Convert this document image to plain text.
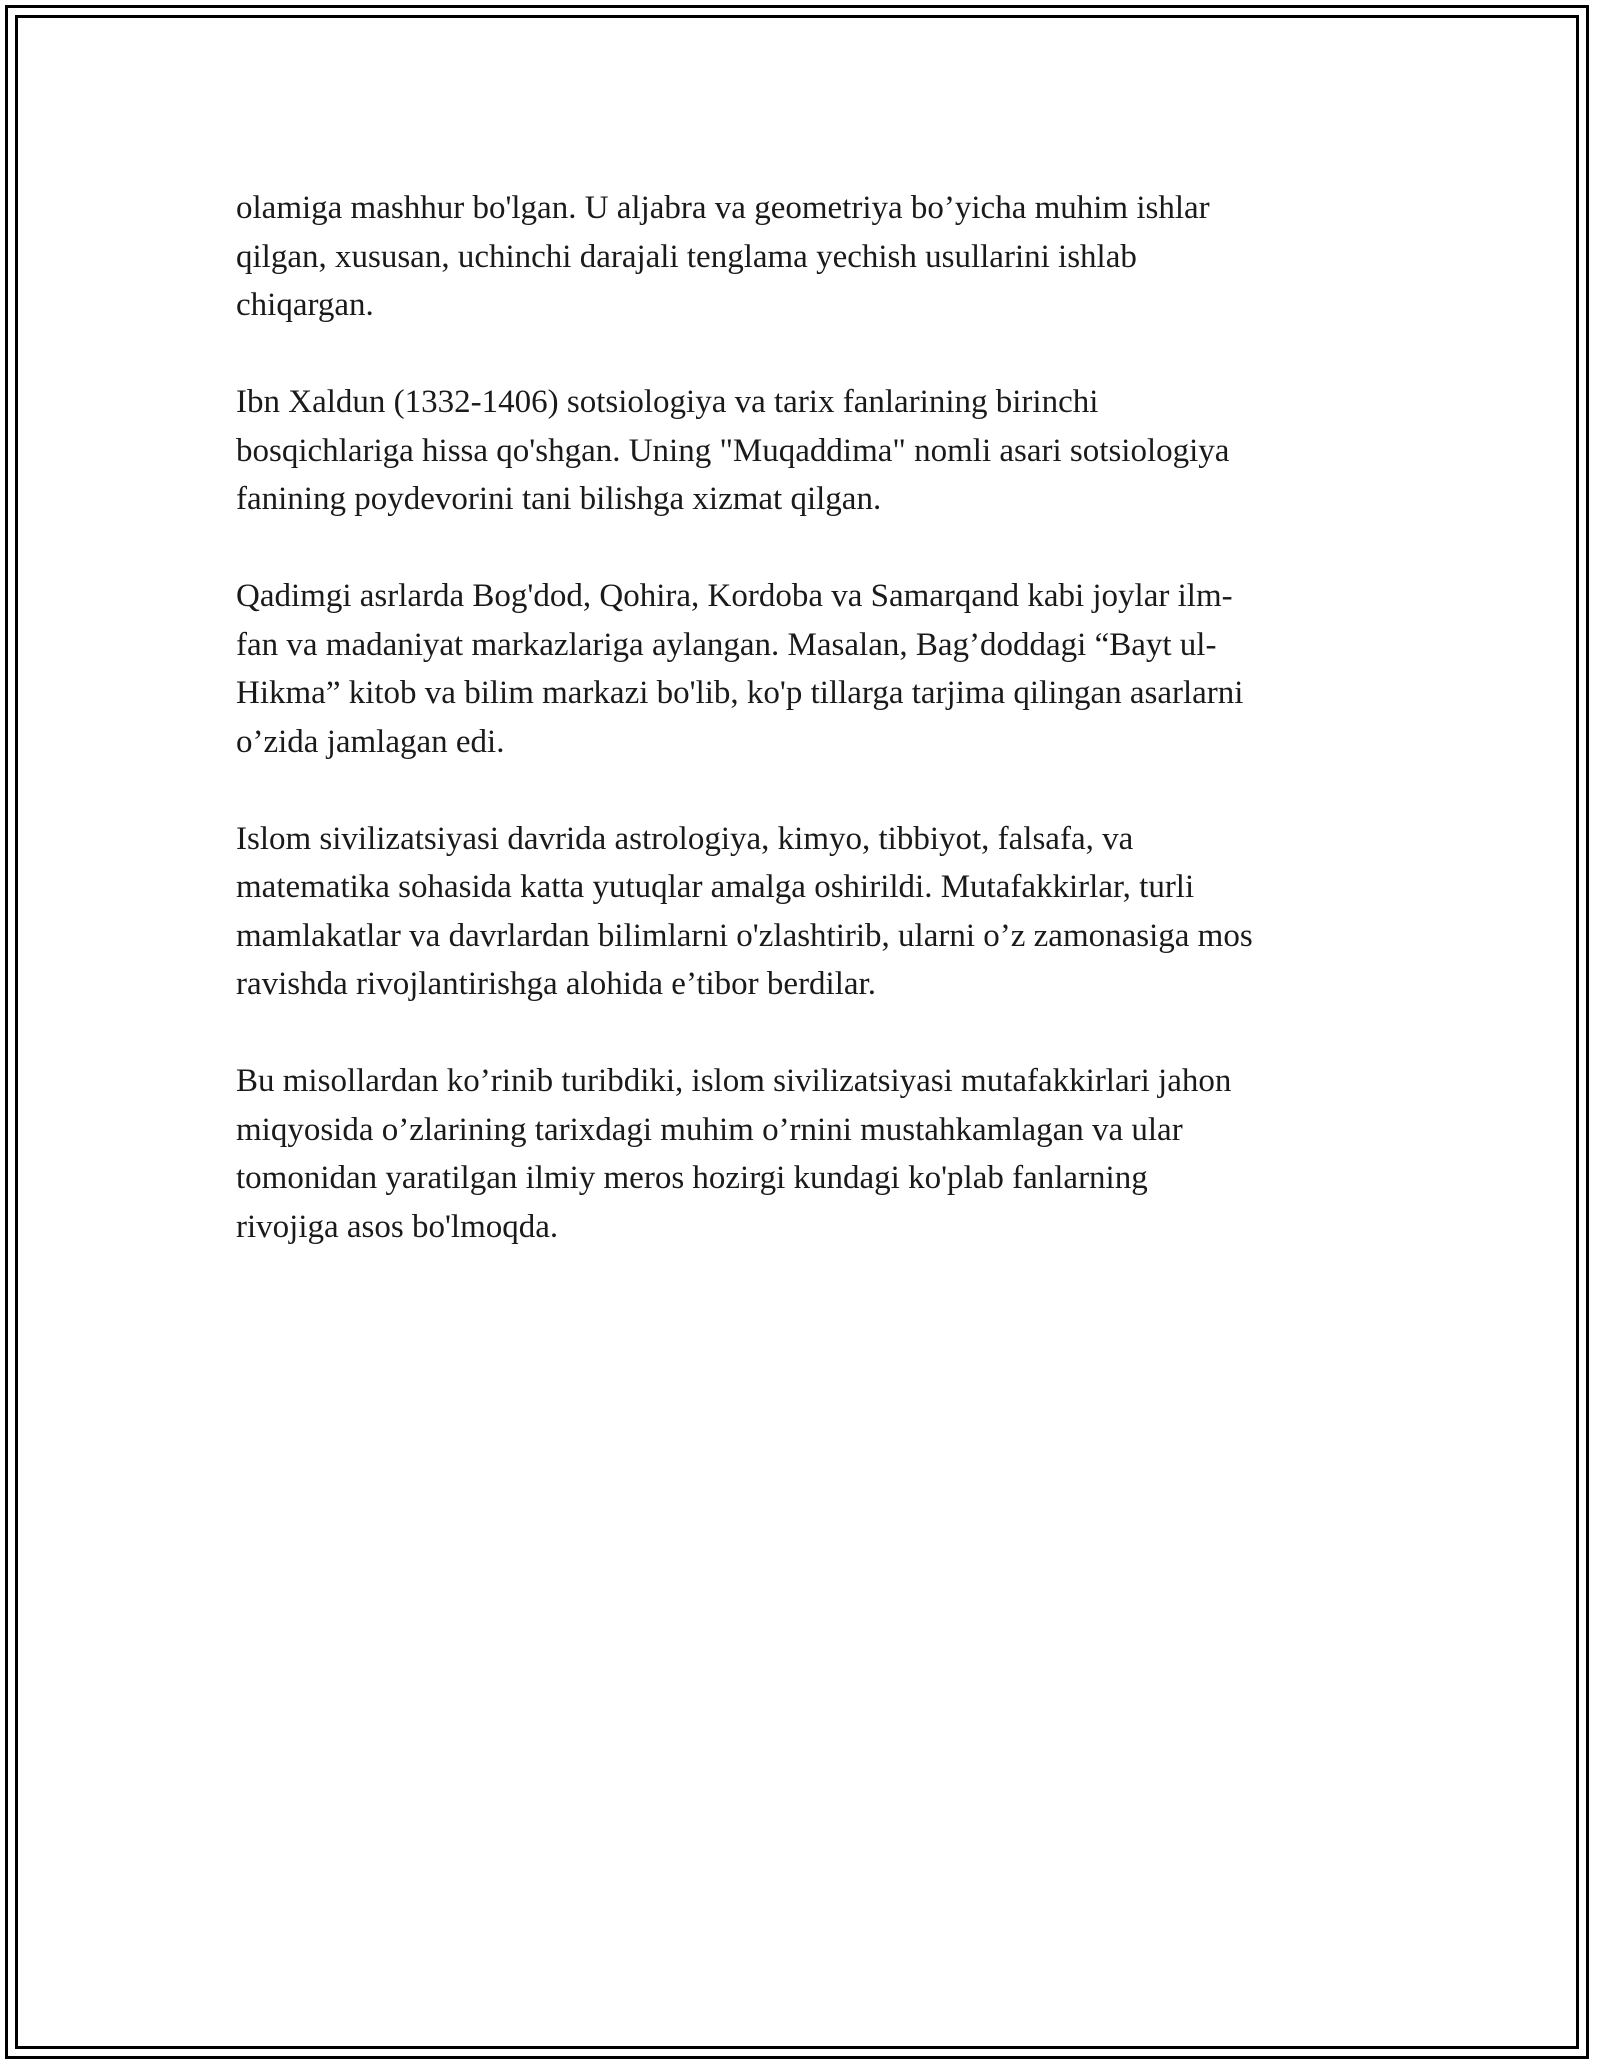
olamiga mashhur bo'lgan. U aljabra va geometriya bo’yicha muhim ishlar
qilgan, xususan, uchinchi darajali tenglama yechish usullarini ishlab
chiqargan.

Ibn Xaldun (1332-1406) sotsiologiya va tarix fanlarining birinchi
bosqichlariga hissa qo'shgan. Uning "Muqaddima" nomli asari sotsiologiya
fanining poydevorini tani bilishga xizmat qilgan.

Qadimgi asrlarda Bog'dod, Qohira, Kordoba va Samarqand kabi joylar ilm-
fan va madaniyat markazlariga aylangan. Masalan, Bag’doddagi “Bayt ul-
Hikma” kitob va bilim markazi bo'lib, ko'p tillarga tarjima qilingan asarlarni
o’zida jamlagan edi.

Islom sivilizatsiyasi davrida astrologiya, kimyo, tibbiyot, falsafa, va
matematika sohasida katta yutuqlar amalga oshirildi. Mutafakkirlar, turli
mamlakatlar va davrlardan bilimlarni o'zlashtirib, ularni o’z zamonasiga mos
ravishda rivojlantirishga alohida e’tibor berdilar.

Bu misollardan ko’rinib turibdiki, islom sivilizatsiyasi mutafakkirlari jahon
miqyosida o’zlarining tarixdagi muhim o’rnini mustahkamlagan va ular
tomonidan yaratilgan ilmiy meros hozirgi kundagi ko'plab fanlarning
rivojiga asos bo'lmoqda.
